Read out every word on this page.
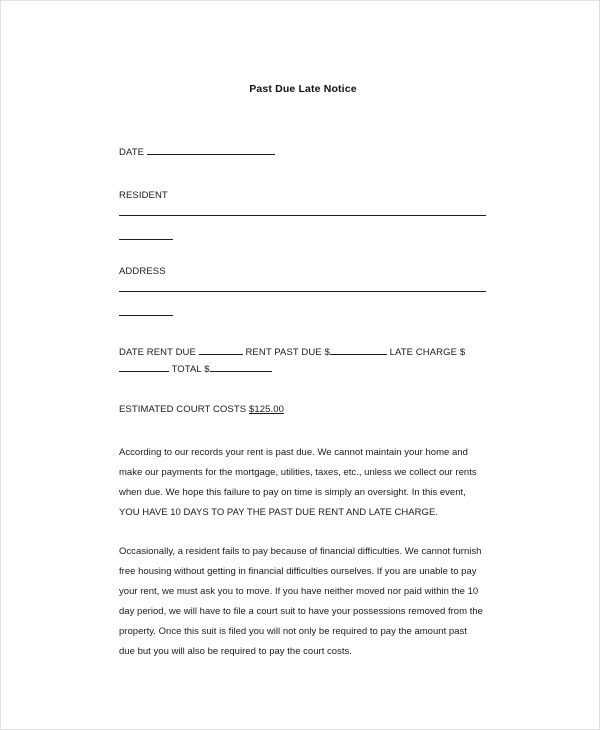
Past Due Late Notice
DATE
RESIDENT
ADDRESS
DATE RENT DUE	RENT PAST DUE $	LATE CHARGE $ TOTAL $
ESTIMATED COURT COSTS $125.00
According to our records your rent is past due. We cannot maintain your home and make our payments for the mortgage, utilities, taxes, etc., unless we collect our rents when due. We hope this failure to pay on time is simply an oversight. In this event, YOU HAVE 10 DAYS TO PAY THE PAST DUE RENT AND LATE CHARGE.
Occasionally, a resident fails to pay because of financial difficulties. We cannot furnish free housing without getting in financial difficulties ourselves. If you are unable to pay your rent, we must ask you to move. If you have neither moved nor paid within the 10 day period, we will have to file a court suit to have your possessions removed from the property. Once this suit is filed you will not only be required to pay the amount past due but you will also be required to pay the court costs.
